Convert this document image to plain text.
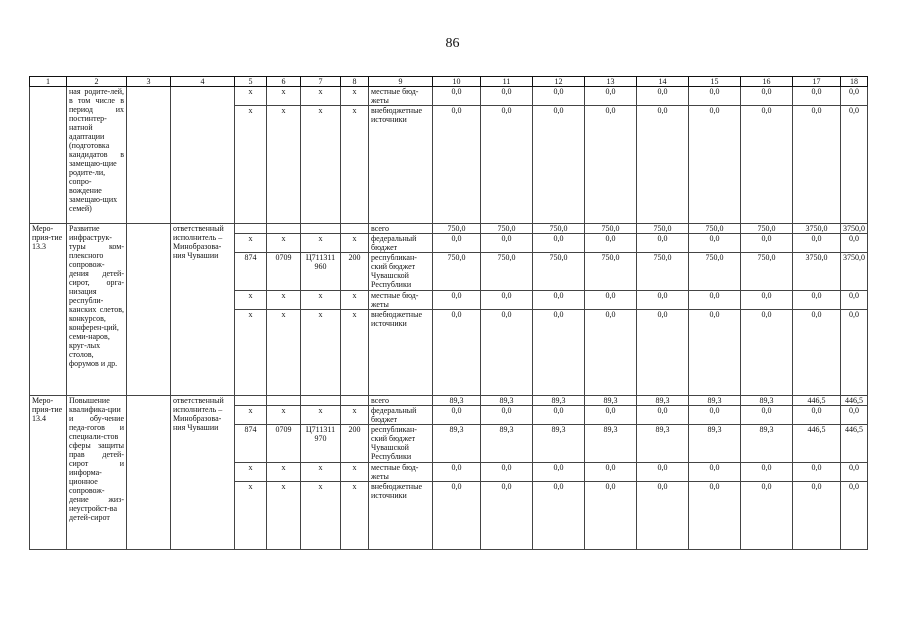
86
1	2	3	4	5	6	7	8	9	10	11	12	13	14	15	16	17	18
	ная родите-лей, в том числе в период их постинтер-натной адаптации (подготовка кандидатов в замещаю-щие родите-ли, сопро-вождение замещаю-щих семей)			x	x	x	x	местные бюд-жеты	0,0	0,0	0,0	0,0	0,0	0,0	0,0	0,0	0,0
				x	x	x	x	внебюджетные источники	0,0	0,0	0,0	0,0	0,0	0,0	0,0	0,0	0,0
Меро-прия-тие 13.3	Развитие инфраструк-туры ком-плексного сопровож-дения детей-сирот, орга-низация республи-канских слетов, конкурсов, конферен-ций, семи-наров, круг-лых столов, форумов и др.		ответственный исполнитель – Минобразова-ния Чувашии					всего	750,0	750,0	750,0	750,0	750,0	750,0	750,0	3750,0	3750,0
				x	x	x	x	федеральный бюджет	0,0	0,0	0,0	0,0	0,0	0,0	0,0	0,0	0,0
				874	0709	Ц711311 960	200	республикан-ский бюджет Чувашской Республики	750,0	750,0	750,0	750,0	750,0	750,0	750,0	3750,0	3750,0
				x	x	x	x	местные бюд-жеты	0,0	0,0	0,0	0,0	0,0	0,0	0,0	0,0	0,0
				x	x	x	x	внебюджетные источники	0,0	0,0	0,0	0,0	0,0	0,0	0,0	0,0	0,0
Меро-прия-тие 13.4	Повышение квалифика-ции и обу-чение педа-гогов и специали-стов сферы защиты прав детей-сирот и информа-ционное сопровож-дение жиз-неустройст-ва детей-сирот		ответственный исполнитель – Минобразова-ния Чувашии					всего	89,3	89,3	89,3	89,3	89,3	89,3	89,3	446,5	446,5
				x	x	x	x	федеральный бюджет	0,0	0,0	0,0	0,0	0,0	0,0	0,0	0,0	0,0
				874	0709	Ц711311 970	200	республикан-ский бюджет Чувашской Республики	89,3	89,3	89,3	89,3	89,3	89,3	89,3	446,5	446,5
				x	x	x	x	местные бюд-жеты	0,0	0,0	0,0	0,0	0,0	0,0	0,0	0,0	0,0
				x	x	x	x	внебюджетные источники	0,0	0,0	0,0	0,0	0,0	0,0	0,0	0,0	0,0
